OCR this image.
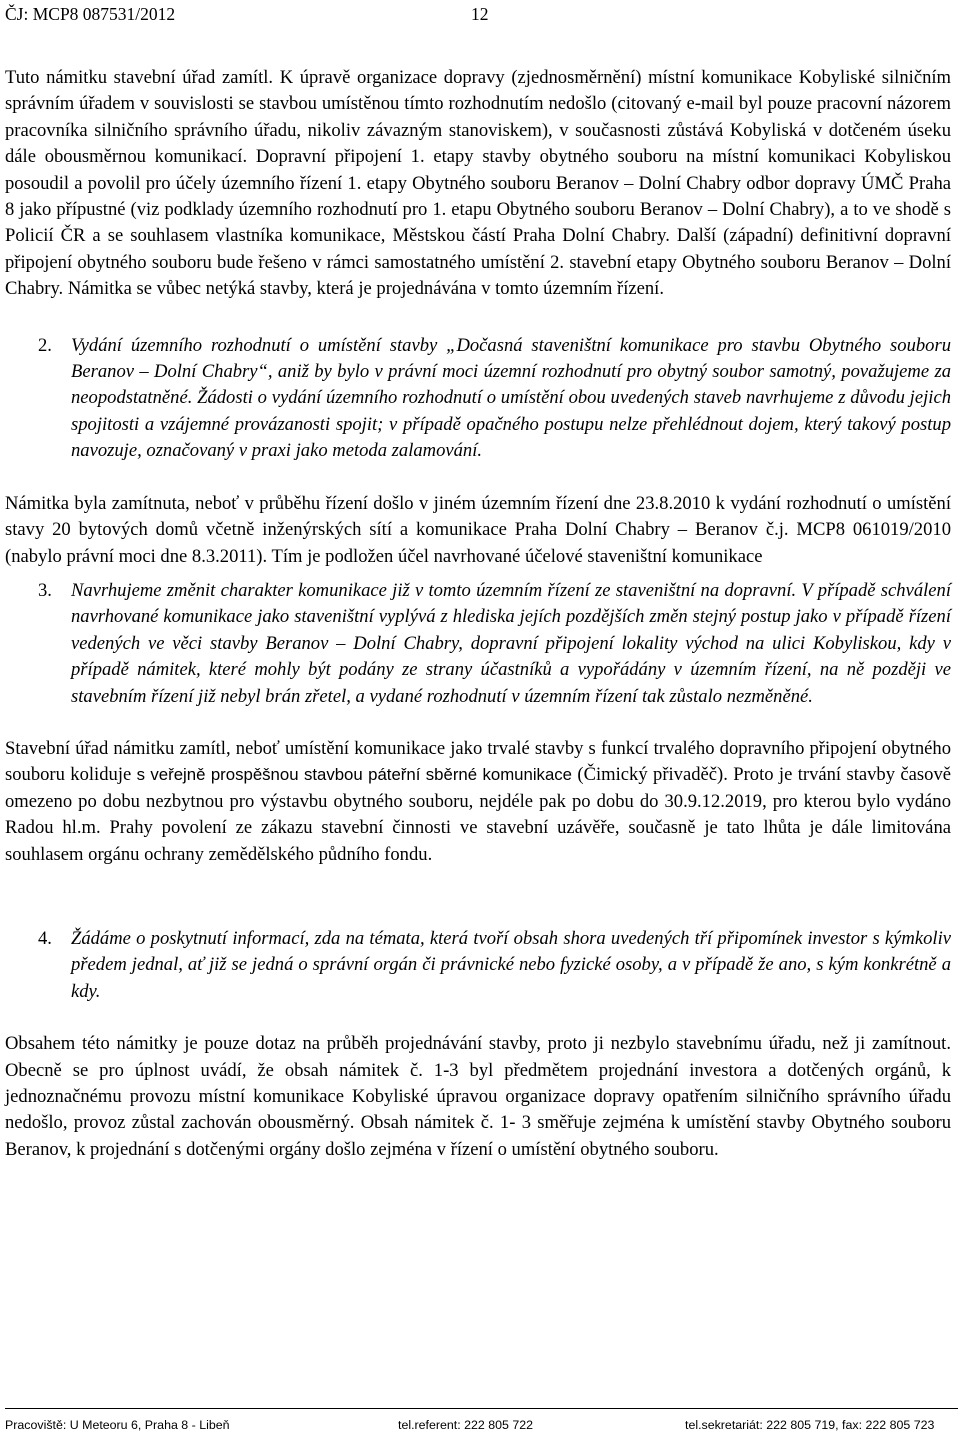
ČJ: MCP8 087531/2012	12

Tuto námitku stavební úřad zamítl. K úpravě organizace dopravy (zjednosměrnění) místní komunikace Kobyliské silničním správním úřadem v souvislosti se stavbou umístěnou tímto rozhodnutím nedošlo (citovaný e-mail byl pouze pracovní názorem pracovníka silničního správního úřadu, nikoliv závazným stanoviskem), v současnosti zůstává Kobyliská v dotčeném úseku dále obousměrnou komunikací. Dopravní připojení 1. etapy stavby obytného souboru na místní komunikaci Kobyliskou posoudil a povolil pro účely územního řízení 1. etapy Obytného souboru Beranov – Dolní Chabry odbor dopravy ÚMČ Praha 8 jako přípustné (viz podklady územního rozhodnutí pro 1. etapu Obytného souboru Beranov – Dolní Chabry), a to ve shodě s Policií ČR a se souhlasem vlastníka komunikace, Městskou částí Praha Dolní Chabry. Další (západní) definitivní dopravní připojení obytného souboru bude řešeno v rámci samostatného umístění 2. stavební etapy Obytného souboru Beranov – Dolní Chabry. Námitka se vůbec netýká stavby, která je projednávána v tomto územním řízení.

2. Vydání územního rozhodnutí o umístění stavby „Dočasná staveništní komunikace pro stavbu Obytného souboru Beranov – Dolní Chabry“, aniž by bylo v právní moci územní rozhodnutí pro obytný soubor samotný, považujeme za neopodstatněné. Žádosti o vydání územního rozhodnutí o umístění obou uvedených staveb navrhujeme z důvodu jejich spojitosti a vzájemné provázanosti spojit; v případě opačného postupu nelze přehlédnout dojem, který takový postup navozuje, označovaný v praxi jako metoda zalamování.

Námitka byla zamítnuta, neboť v průběhu řízení došlo v jiném územním řízení dne 23.8.2010 k vydání rozhodnutí o umístění stavy 20 bytových domů včetně inženýrských sítí a komunikace Praha Dolní Chabry – Beranov č.j. MCP8 061019/2010 (nabylo právní moci dne 8.3.2011). Tím je podložen účel navrhované účelové staveništní komunikace

3. Navrhujeme změnit charakter komunikace již v tomto územním řízení ze staveništní na dopravní. V případě schválení navrhované komunikace jako staveništní vyplývá z hlediska jejích pozdějších změn stejný postup jako v případě řízení vedených ve věci stavby Beranov – Dolní Chabry, dopravní připojení lokality východ na ulici Kobyliskou, kdy v případě námitek, které mohly být podány ze strany účastníků a vypořádány v územním řízení, na ně později ve stavebním řízení již nebyl brán zřetel, a vydané rozhodnutí v územním řízení tak zůstalo nezměněné.

Stavební úřad námitku zamítl, neboť umístění komunikace jako trvalé stavby s funkcí trvalého dopravního připojení obytného souboru koliduje s veřejně prospěšnou stavbou páteřní sběrné komunikace (Čimický přivaděč). Proto je trvání stavby časově omezeno po dobu nezbytnou pro výstavbu obytného souboru, nejdéle pak po dobu do 30.9.12.2019, pro kterou bylo vydáno Radou hl.m. Prahy povolení ze zákazu stavební činnosti ve stavební uzávěře, současně je tato lhůta je dále limitována souhlasem orgánu ochrany zemědělského půdního fondu.

4. Žádáme o poskytnutí informací, zda na témata, která tvoří obsah shora uvedených tří připomínek investor s kýmkoliv předem jednal, ať již se jedná o správní orgán či právnické nebo fyzické osoby, a v případě že ano, s kým konkrétně a kdy.

Obsahem této námitky je pouze dotaz na průběh projednávání stavby, proto ji nezbylo stavebnímu úřadu, než ji zamítnout. Obecně se pro úplnost uvádí, že obsah námitek č. 1-3 byl předmětem projednání investora a dotčených orgánů, k jednoznačnému provozu místní komunikace Kobyliské úpravou organizace dopravy opatřením silničního správního úřadu nedošlo, provoz zůstal zachován obousměrný. Obsah námitek č. 1- 3 směřuje zejména k umístění stavby Obytného souboru Beranov, k projednání s dotčenými orgány došlo zejména v řízení o umístění obytného souboru.

Pracoviště: U Meteoru 6, Praha 8 - Libeň	tel.referent: 222 805 722	tel.sekretariát: 222 805 719, fax: 222 805 723
